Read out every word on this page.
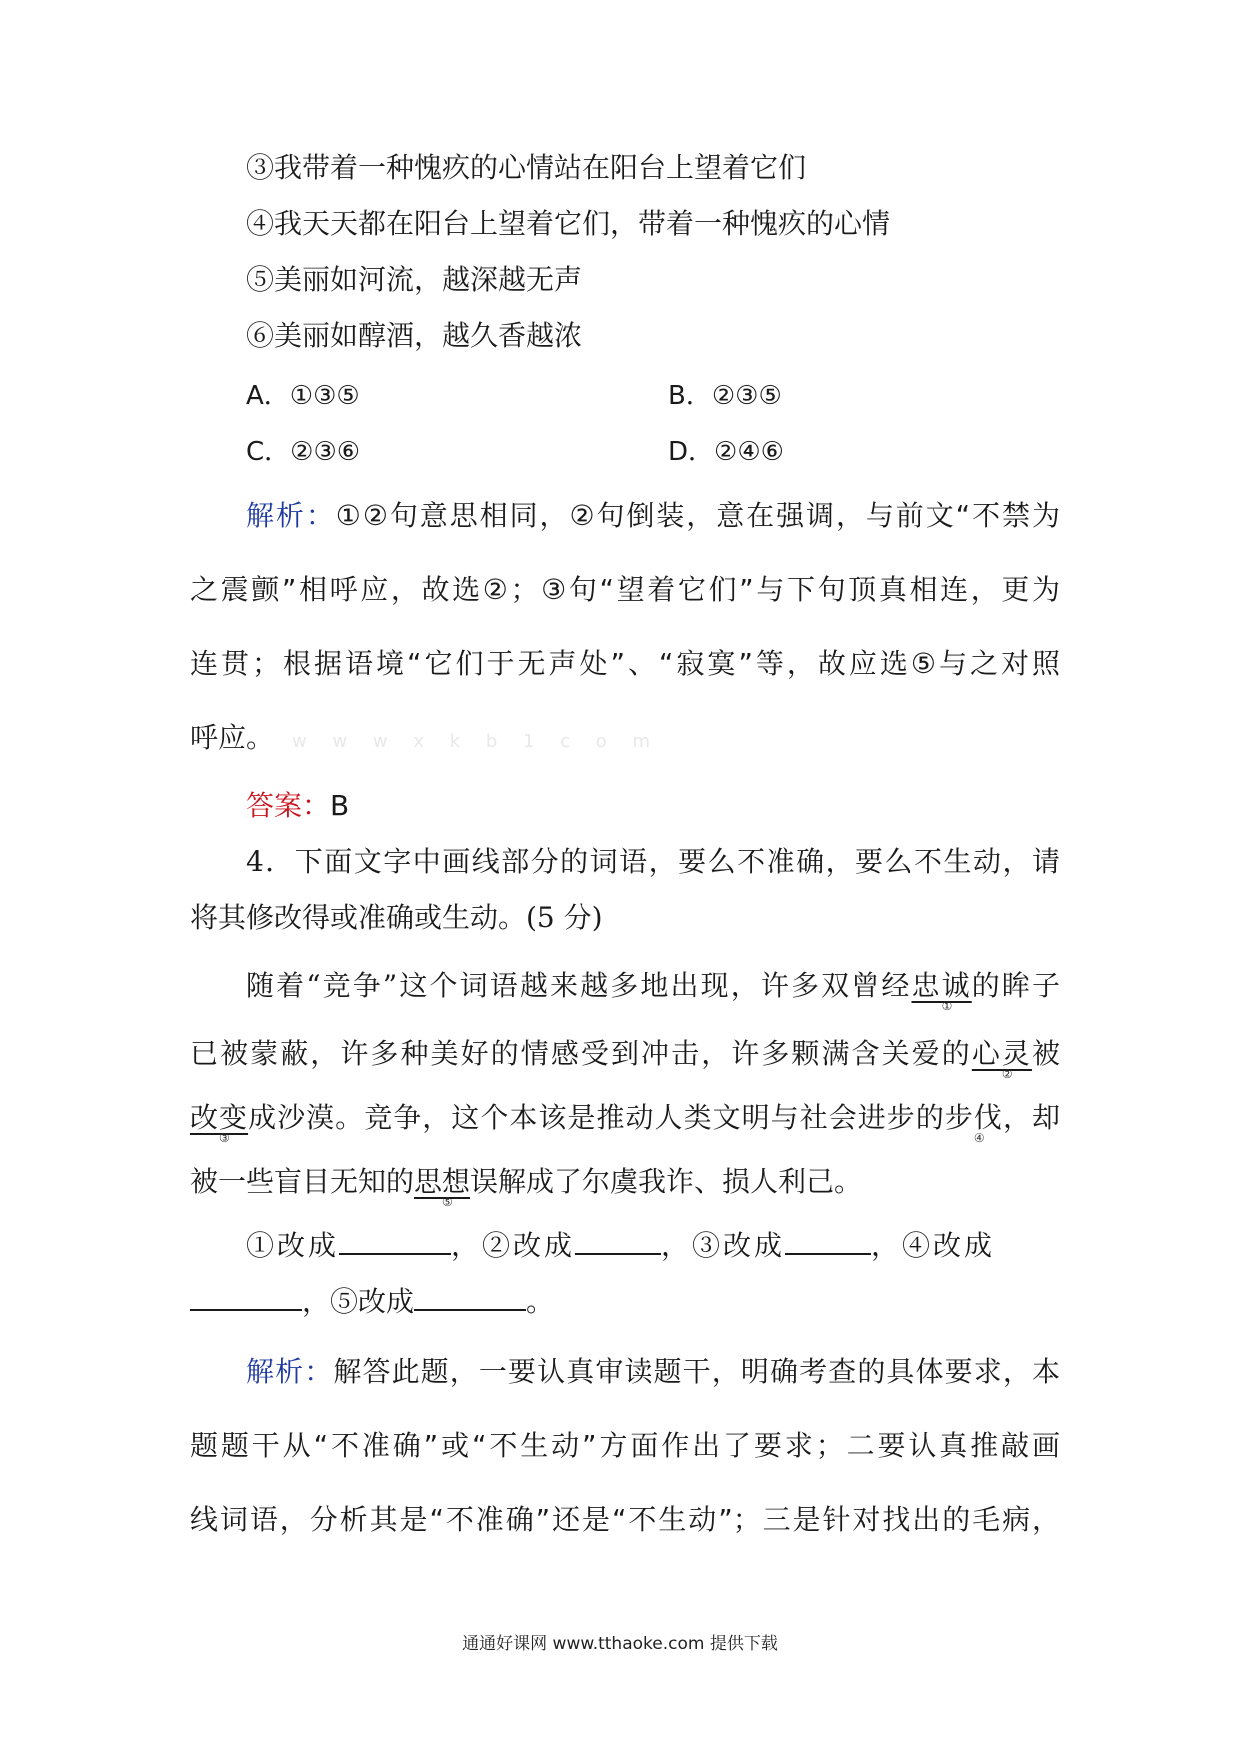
③我带着一种愧疚的心情站在阳台上望着它们
④我天天都在阳台上望着它们，带着一种愧疚的心情
⑤美丽如河流，越深越无声
⑥美丽如醇酒，越久香越浓
A．①③⑤	B．②③⑤
C．②③⑥	D．②④⑥
解析：①②句意思相同，②句倒装，意在强调，与前文“不禁为
之震颤”相呼应，故选②；③句“望着它们”与下句顶真相连，更为
连贯；根据语境“它们于无声处”、“寂寞”等，故应选⑤与之对照
呼应。 w w w x k b 1 c o m
答案：B
4．下面文字中画线部分的词语，要么不准确，要么不生动，请
将其修改得或准确或生动。(5 分)
随着“竞争”这个词语越来越多地出现，许多双曾经忠诚
①
的眸子
已被蒙蔽，许多种美好的情感受到冲击，许多颗满含关爱的心灵
②
被
改变
③
成沙漠。竞争，这个本该是推动人类文明与社会进步的步伐
④
，却
被一些盲目无知的思想
⑤
误解成了尔虞我诈、损人利己。
①改成	，②改成	，③改成	，④改成
，⑤改成	。
解析：解答此题，一要认真审读题干，明确考查的具体要求，本
题题干从“不准确”或“不生动”方面作出了要求；二要认真推敲画
线词语，分析其是“不准确”还是“不生动”；三是针对找出的毛病，
通通好课网 www.tthaoke.com 提供下载
